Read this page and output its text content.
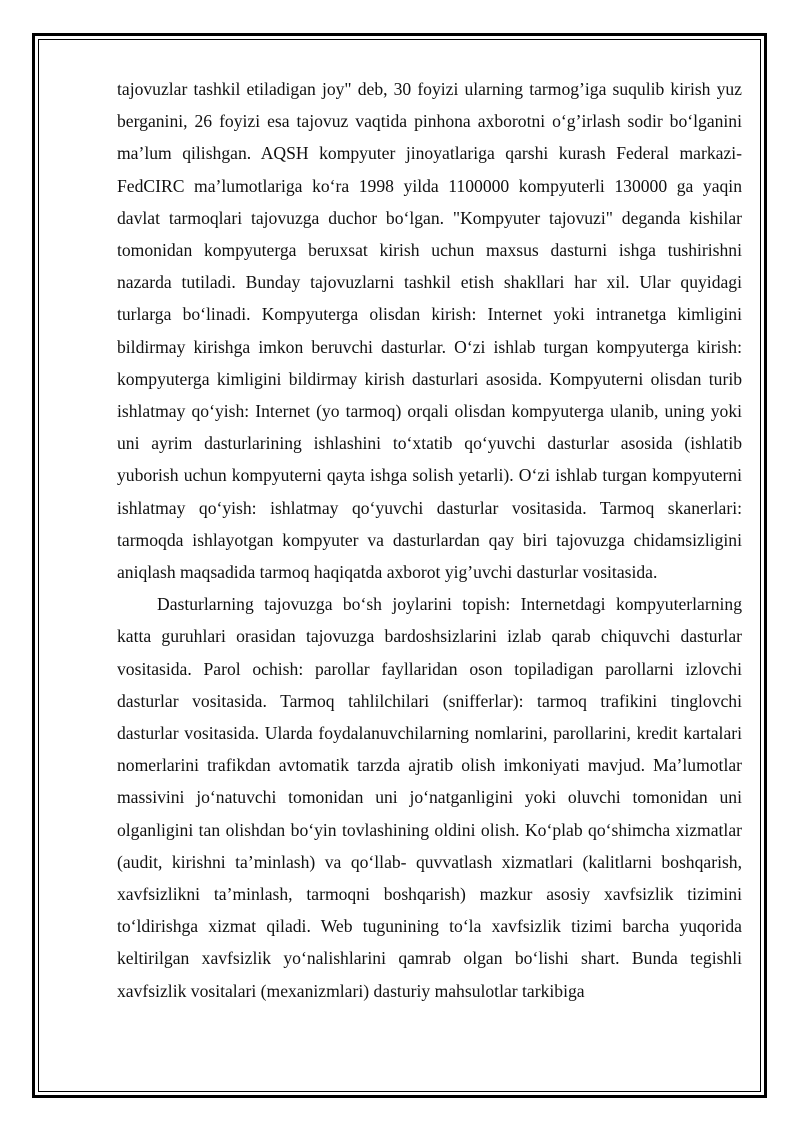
tajovuzlar tashkil etiladigan joy" deb, 30 foyizi ularning tarmog’iga suqulib kirish yuz berganini, 26 foyizi esa tajovuz vaqtida pinhona axborotni o‘g’irlash sodir bo‘lganini ma’lum qilishgan. AQSH kompyuter jinoyatlariga qarshi kurash Federal markazi-FedCIRC ma’lumotlariga ko‘ra 1998 yilda 1100000 kompyuterli 130000 ga yaqin davlat tarmoqlari tajovuzga duchor bo‘lgan. "Kompyuter tajovuzi" deganda kishilar tomonidan kompyuterga beruxsat kirish uchun maxsus dasturni ishga tushirishni nazarda tutiladi. Bunday tajovuzlarni tashkil etish shakllari har xil. Ular quyidagi turlarga bo‘linadi. Kompyuterga olisdan kirish: Internet yoki intranetga kimligini bildirmay kirishga imkon beruvchi dasturlar. O‘zi ishlab turgan kompyuterga kirish: kompyuterga kimligini bildirmay kirish dasturlari asosida. Kompyuterni olisdan turib ishlatmay qo‘yish: Internet (yo tarmoq) orqali olisdan kompyuterga ulanib, uning yoki uni ayrim dasturlarining ishlashini to‘xtatib qo‘yuvchi dasturlar asosida (ishlatib yuborish uchun kompyuterni qayta ishga solish yetarli). O‘zi ishlab turgan kompyuterni ishlatmay qo‘yish: ishlatmay qo‘yuvchi dasturlar vositasida. Tarmoq skanerlari: tarmoqda ishlayotgan kompyuter va dasturlardan qay biri tajovuzga chidamsizligini aniqlash maqsadida tarmoq haqiqatda axborot yig’uvchi dasturlar vositasida.

Dasturlarning tajovuzga bo‘sh joylarini topish: Internetdagi kompyuterlarning katta guruhlari orasidan tajovuzga bardoshsizlarini izlab qarab chiquvchi dasturlar vositasida. Parol ochish: parollar fayllaridan oson topiladigan parollarni izlovchi dasturlar vositasida. Tarmoq tahlilchilari (snifferlar): tarmoq trafikini tinglovchi dasturlar vositasida. Ularda foydalanuvchilarning nomlarini, parollarini, kredit kartalari nomerlarini trafikdan avtomatik tarzda ajratib olish imkoniyati mavjud. Ma’lumotlar massivini jo‘natuvchi tomonidan uni jo‘natganligini yoki oluvchi tomonidan uni olganligini tan olishdan bo‘yin tovlashining oldini olish. Ko‘plab qo‘shimcha xizmatlar (audit, kirishni ta’minlash) va qo‘llab- quvvatlash xizmatlari (kalitlarni boshqarish, xavfsizlikni ta’minlash, tarmoqni boshqarish) mazkur asosiy xavfsizlik tizimini to‘ldirishga xizmat qiladi. Web tugunining to‘la xavfsizlik tizimi barcha yuqorida keltirilgan xavfsizlik yo‘nalishlarini qamrab olgan bo‘lishi shart. Bunda tegishli xavfsizlik vositalari (mexanizmlari) dasturiy mahsulotlar tarkibiga
